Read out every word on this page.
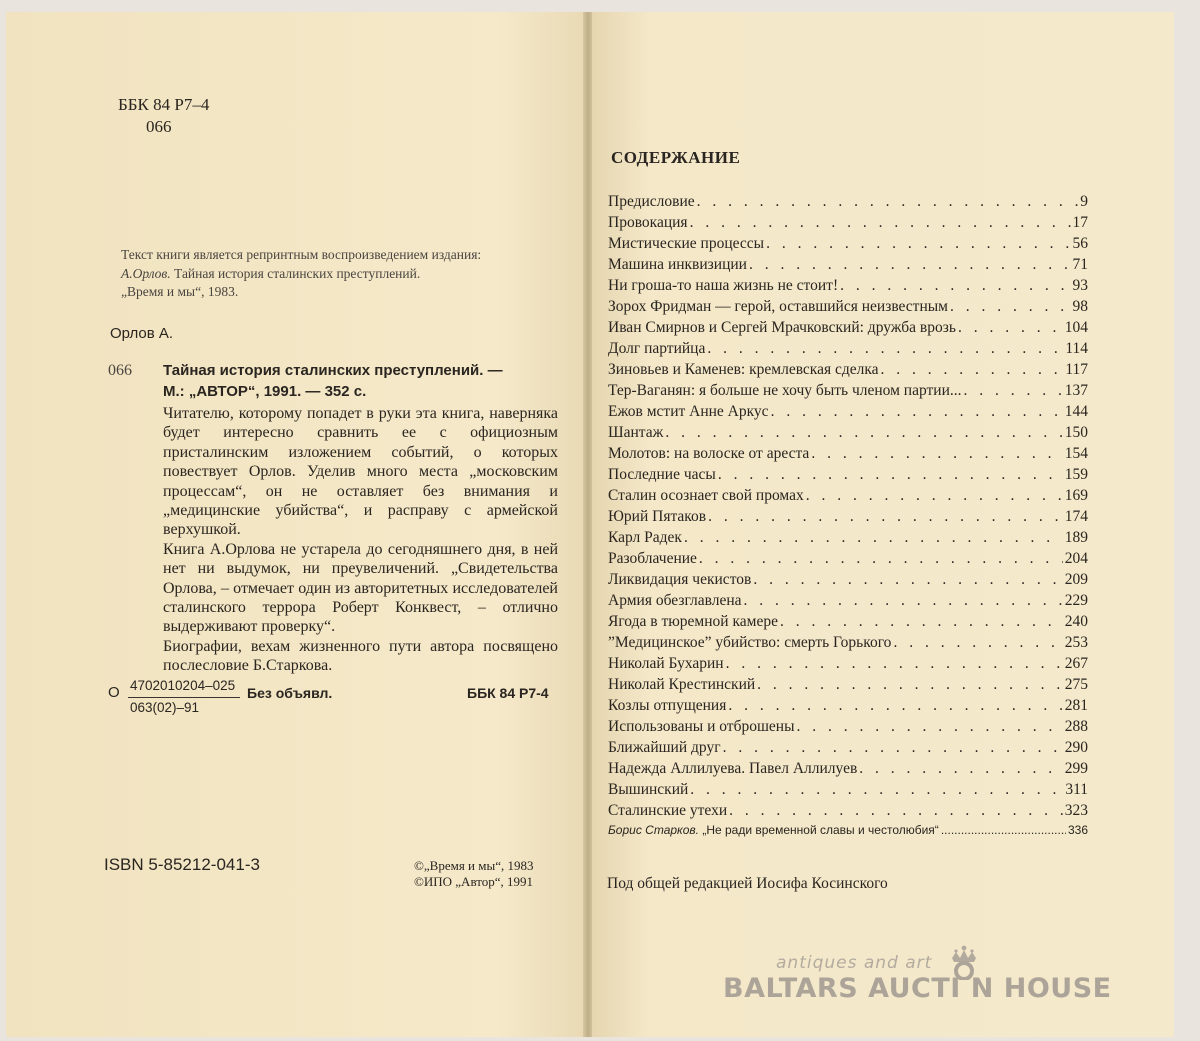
ББК 84 Р7–4
066
Текст книги является репринтным воспроизведением издания:
А.Орлов. Тайная история сталинских преступлений.
„Время и мы“, 1983.
Орлов А.
066 Тайная история сталинских преступлений. —
М.: „АВТОР“, 1991. — 352 с.

Читателю, которому попадет в руки эта книга, наверняка будет интересно сравнить ее с официозным присталинским изложением событий, о которых повествует Орлов. Уделив много места „московским процессам“, он не оставляет без внимания и „медицинские убийства“, и расправу с армейской верхушкой.

Книга А.Орлова не устарела до сегодняшнего дня, в ней нет ни выдумок, ни преувеличений. „Свидетельства Орлова, – отмечает один из авторитетных исследователей сталинского террора Роберт Конквест, – отлично выдерживают проверку“.

Биографии, вехам жизненного пути автора посвящено послесловие Б.Старкова.

О 4702010204–025
063(02)–91
Без объявл.	ББК 84 Р7-4
ISBN 5-85212-041-3	©„Время и мы“, 1983
©ИПО „Автор“, 1991
СОДЕРЖАНИЕ
Предисловие . . .	9
Провокация . . .	17
Мистические процессы . . .	56
Машина инквизиции . . .	71
Ни гроша-то наша жизнь не стоит! . . .	93
Зорох Фридман — герой, оставшийся неизвестным . . .	98
Иван Смирнов и Сергей Мрачковский: дружба врозь . . .	104
Долг партийца . . .	114
Зиновьев и Каменев: кремлевская сделка . . .	117
Тер-Ваганян: я больше не хочу быть членом партии... . . .	137
Ежов мстит Анне Аркус . . .	144
Шантаж . . .	150
Молотов: на волоске от ареста . . .	154
Последние часы . . .	159
Сталин осознает свой промах . . .	169
Юрий Пятаков . . .	174
Карл Радек . . .	189
Разоблачение . . .	204
Ликвидация чекистов . . .	209
Армия обезглавлена . . .	229
Ягода в тюремной камере . . .	240
”Медицинское” убийство: смерть Горького . . .	253
Николай Бухарин . . .	267
Николай Крестинский . . .	275
Козлы отпущения . . .	281
Использованы и отброшены . . .	288
Ближайший друг . . .	290
Надежда Аллилуева. Павел Аллилуев . . .	299
Вышинский . . .	311
Сталинские утехи . . .	323
Борис Старков. „Не ради временной славы и честолюбия“ .....	336
Под общей редакцией Иосифа Косинского
antiques and art
BALTARS AUCTI N HOUSE
